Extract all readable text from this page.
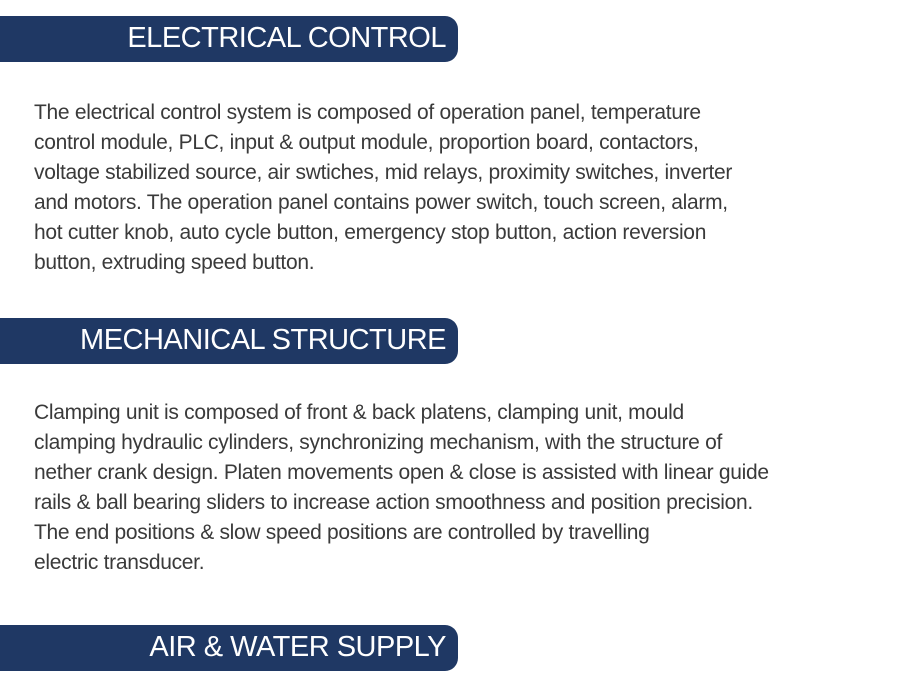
ELECTRICAL CONTROL
The electrical control system is composed of operation panel, temperature
control module, PLC, input & output module, proportion board, contactors,
voltage stabilized source, air swtiches, mid relays, proximity switches, inverter
and motors. The operation panel contains power switch, touch screen, alarm,
hot cutter knob, auto cycle button, emergency stop button, action reversion
button, extruding speed button.
MECHANICAL STRUCTURE
Clamping unit is composed of front & back platens, clamping unit, mould
clamping hydraulic cylinders, synchronizing mechanism, with the structure of
nether crank design. Platen movements open & close is assisted with linear guide
rails & ball bearing sliders to increase action smoothness and position precision.
The end positions & slow speed positions are controlled by travelling
electric transducer.
AIR & WATER SUPPLY
